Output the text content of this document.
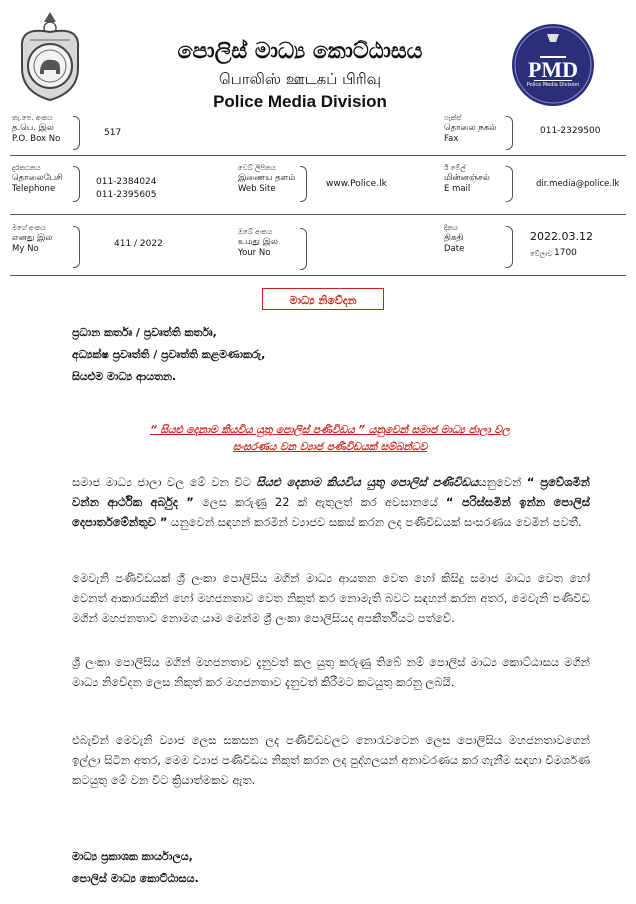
පොලිස් මාධ්‍ය කොට්ඨාසය
பொலிஸ் ஊடகப் பிரிவு
Police Media Division
PMD
Police Media Division
තැ.පෙ. අංකය
த.பெ. இல
P.O. Box No
517
ෆැක්ස්
தொலை நகல்
Fax
011-2329500
දුරකථනය
தொலைபேசி
Telephone
011-2384024
011-2395605
වෙබ් ලිපිනය
இணைய தளம்
Web Site	www.Police.lk
ඊ මේල්
மின்னஞ்சல்
E mail	dir.media@police.lk
මගේ අංකය
எனது இல
My No	411 / 2022
ඔබේ අංකය
உமது இல
Your No
දිනය
திகதி
Date
2022.03.12
වේලාව 1700
මාධ්‍ය නිවේදන
ප්‍රධාන කර්තෘ / ප්‍රවෘත්ති කර්තෘ,
අධ්‍යක්ෂ ප්‍රවෘත්ති / ප්‍රවෘත්ති කළමණාකරු,
සියළුම මාධ්‍ය ආයතන.
“ සියළු දෙනාම කියවිය යුතු පොලිස් පණිවිඩය ” යනුවෙන් සමාජ මාධ්‍ය ජාලා වල
සංසරණය වන ව්‍යාජ පණිවිඩයක් සම්බන්ධව
සමාජ මාධ්‍ය ජාලා වල මේ වන විට සියළු දෙනාම කියවිය යුතු පොලිස් පණිවිඩයයනුවෙන් “ ප්‍රවේශමින් වන්න ආර්ථික අර්බුද ” ලෙස කරුණු 22 ක් ඇතුලත් කර අවසානයේ “ පරිස්සමින් ඉන්න පොලිස් දෙපාර්තමේන්තුව ” යනුවෙන් සඳහන් කරමින් ව්‍යාජව සකස් කරන ලද පණිවිඩයක් සංසරණය වෙමින් පවතී.
මෙවැනි පණිවිඩයක් ශ්‍රී ලංකා පොලිසිය මගින් මාධ්‍ය ආයතන වෙත හෝ කිසිදු සමාජ මාධ්‍ය වෙත හෝ වෙනත් ආකාරයකින් හෝ මහජනතාව වෙත නිකුත් කර නොමැති බවට සඳහන් කරන අතර, මෙවැනි පණිවිඩ මගින් මහජනතාව නොමග යාම මෙන්ම ශ්‍රී ලංකා පොලිසියද අපකීර්තියට පත්වේ.
ශ්‍රී ලංකා පොලිසිය මගින් මහජනතාව දැනුවත් කල යුතු කරුණු තිබේ නම් පොලිස් මාධ්‍ය කොට්ඨාසය මගින් මාධ්‍ය නිවේදන ලෙස නිකුත් කර මහජනතාව දැනුවත් කිරීමට කටයුතු කරනු ලබයි.
එබැවින් මෙවැනි ව්‍යාජ ලෙස සකසන ලද පණිවිඩවලට නොරැවටෙන ලෙස පොලිසිය මහජනතාවගෙන් ඉල්ලා සිටින අතර, මෙම ව්‍යාජ පණිවිඩය නිකුත් කරන ලද පුද්ගලයන් අනාවරණය කර ගැනීම සඳහා විමර්ශණ කටයුතු මේ වන විට ක්‍රියාත්මකව ඇත.
මාධ්‍ය ප්‍රකාශක කාර්යාලය,
පොලිස් මාධ්‍ය කොට්ඨාසය.
